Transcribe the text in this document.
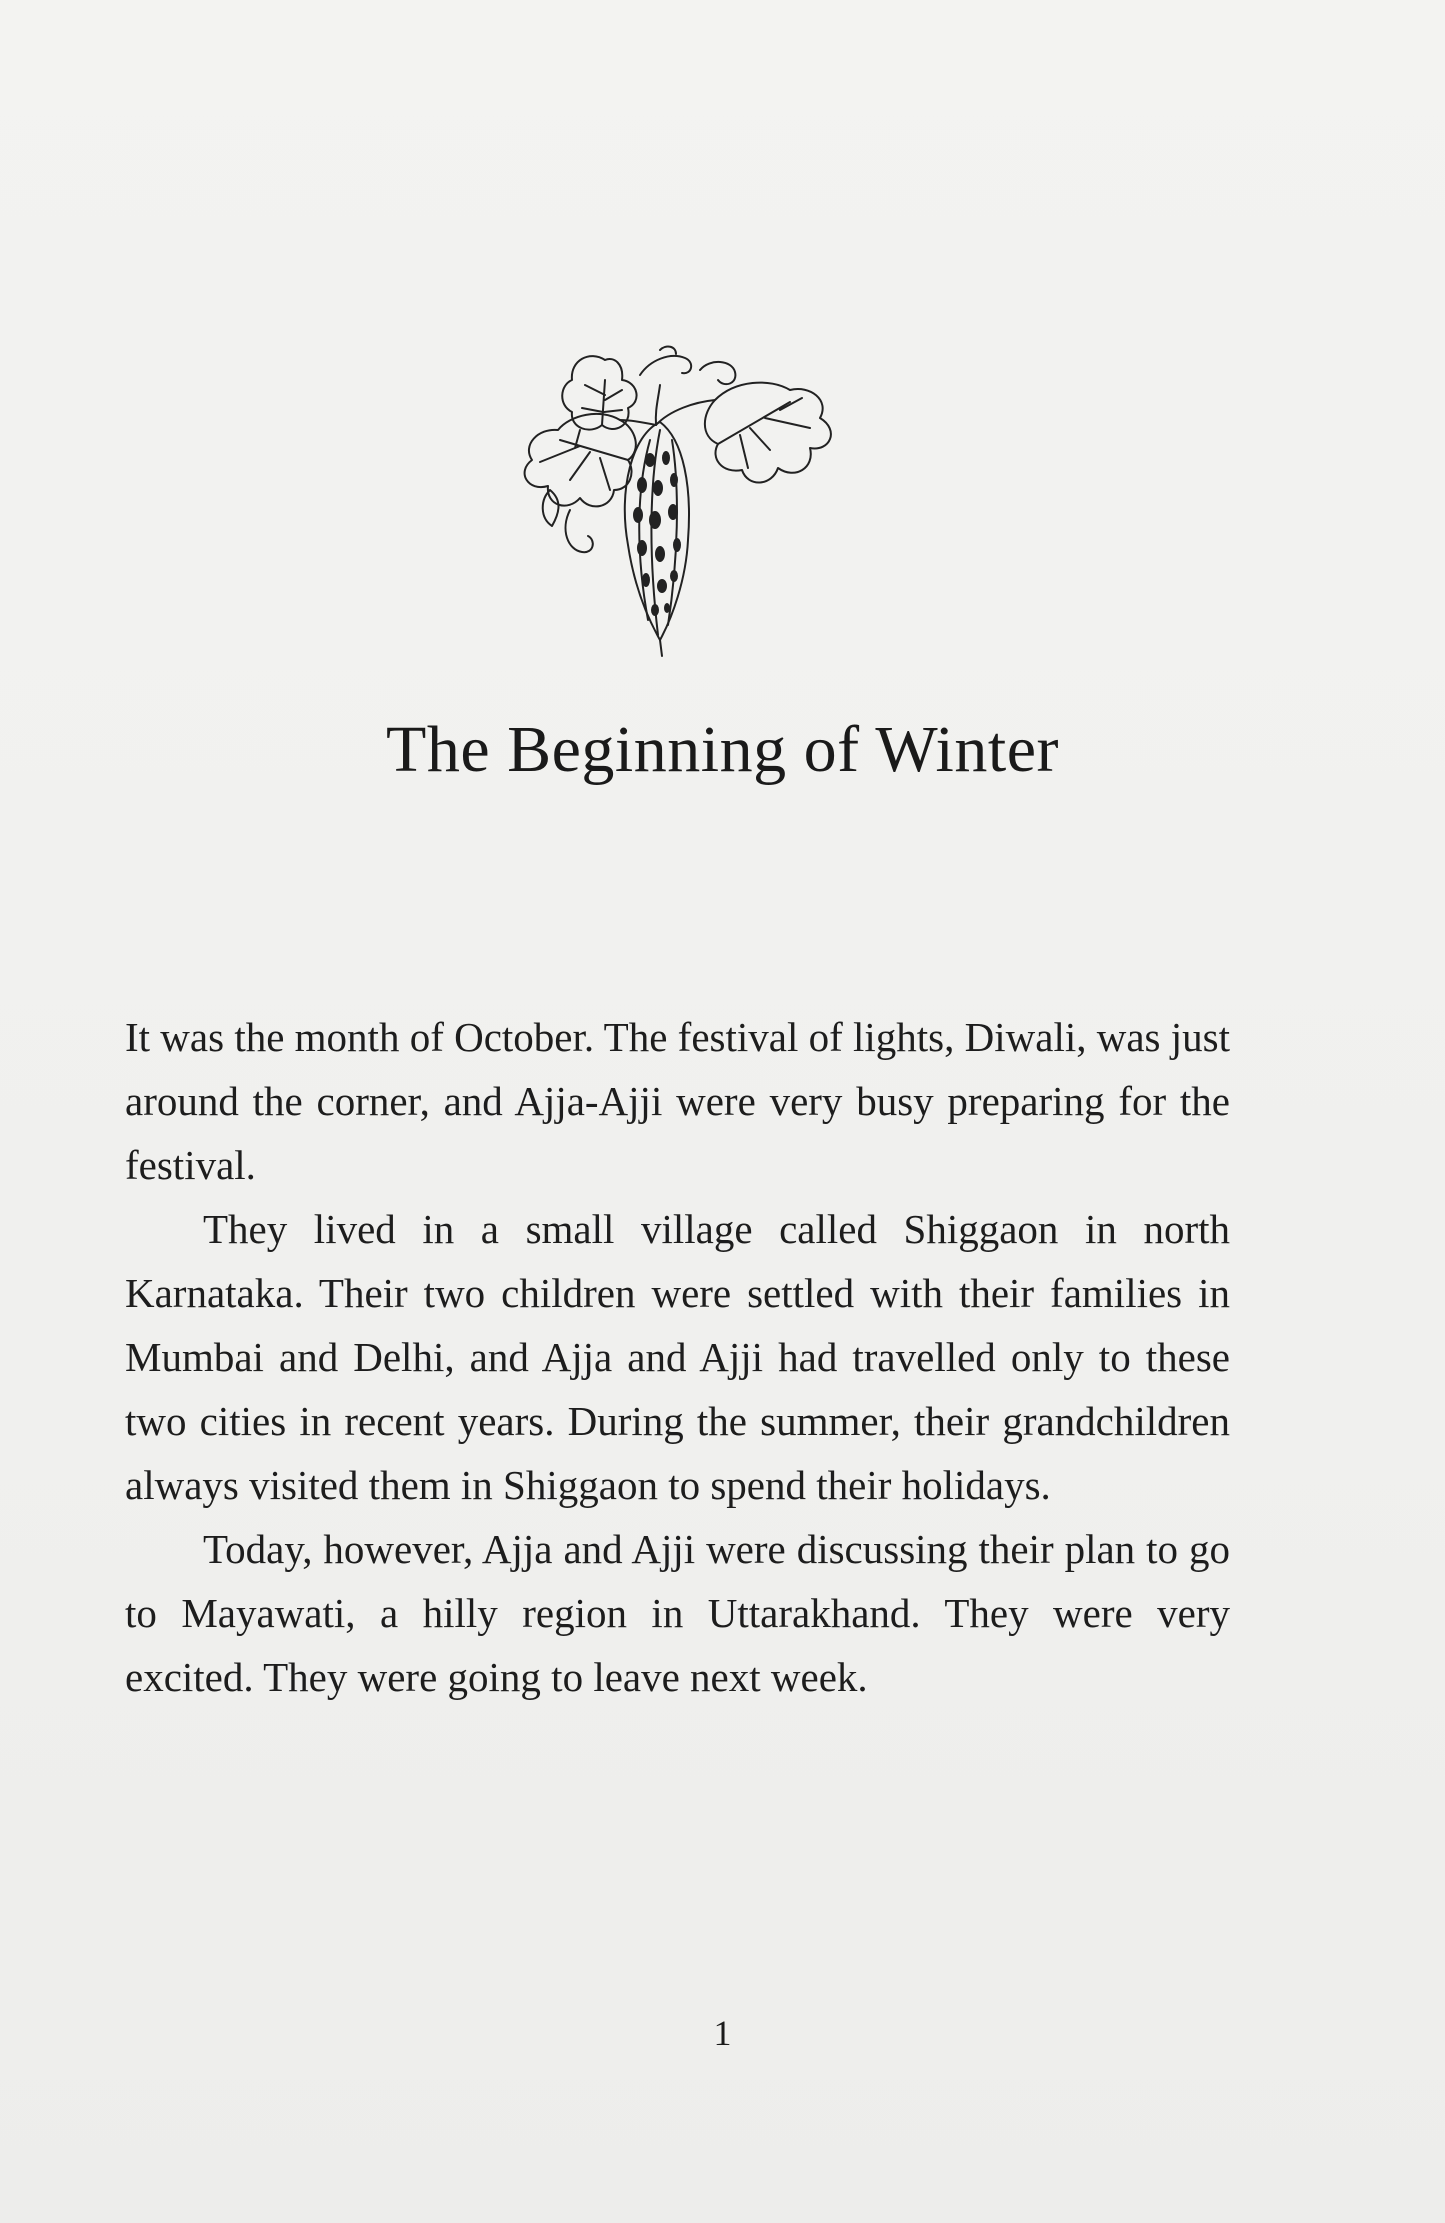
The Beginning of Winter

It was the month of October. The festival of lights, Diwali, was just around the corner, and Ajja-Ajji were very busy preparing for the festival.

They lived in a small village called Shiggaon in north Karnataka. Their two children were settled with their families in Mumbai and Delhi, and Ajja and Ajji had travelled only to these two cities in recent years. During the summer, their grandchildren always visited them in Shiggaon to spend their holidays.

Today, however, Ajja and Ajji were discussing their plan to go to Mayawati, a hilly region in Uttarakhand. They were very excited. They were going to leave next week.

1
